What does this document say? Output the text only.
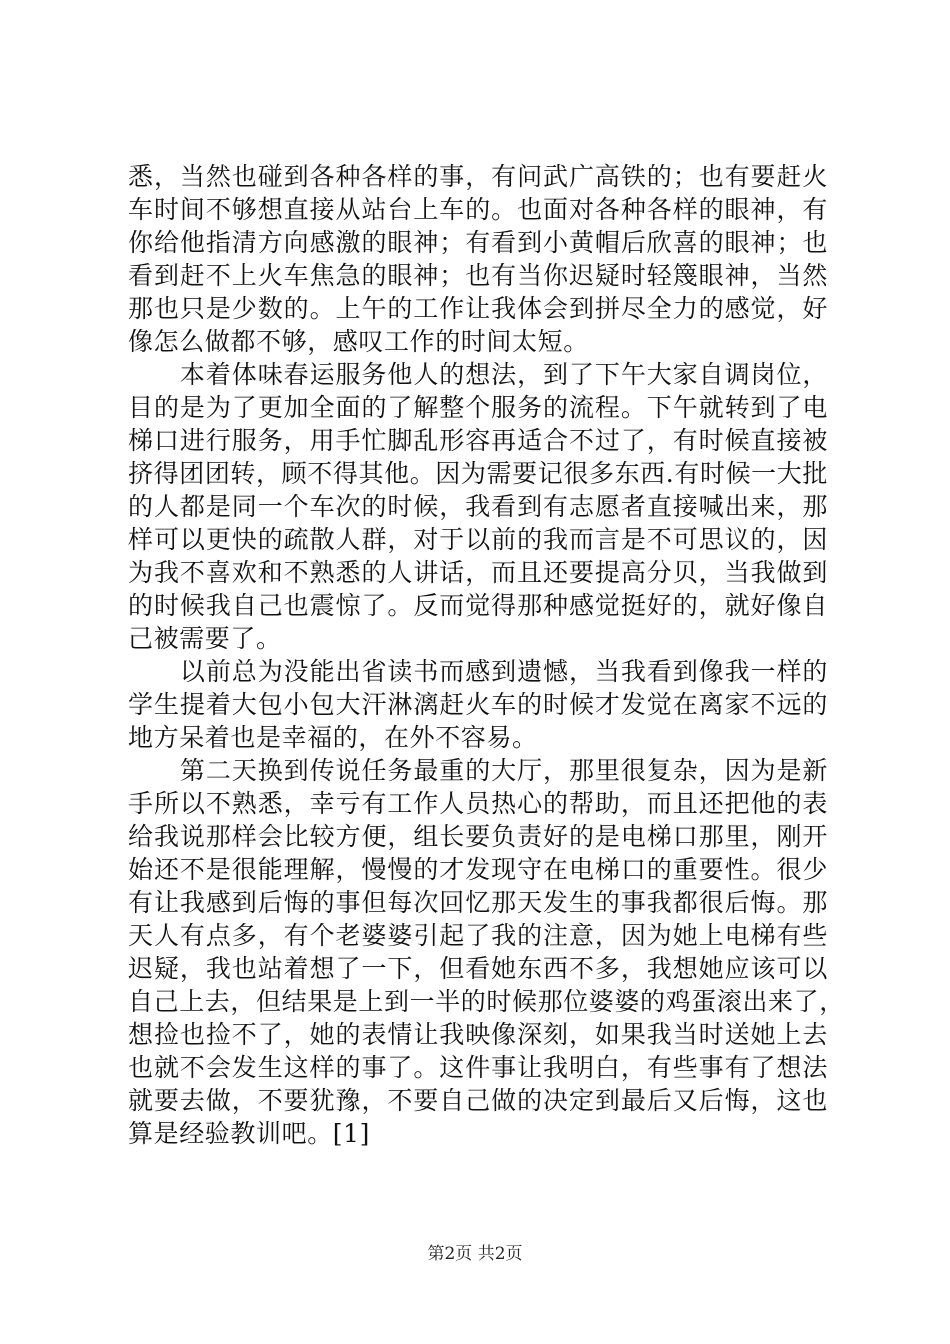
悉，当然也碰到各种各样的事，有问武广高铁的；也有要赶火
车时间不够想直接从站台上车的。也面对各种各样的眼神，有
你给他指清方向感激的眼神；有看到小黄帽后欣喜的眼神；也
看到赶不上火车焦急的眼神；也有当你迟疑时轻篾眼神，当然
那也只是少数的。上午的工作让我体会到拼尽全力的感觉，好
像怎么做都不够，感叹工作的时间太短。
　　本着体味春运服务他人的想法，到了下午大家自调岗位，
目的是为了更加全面的了解整个服务的流程。下午就转到了电
梯口进行服务，用手忙脚乱形容再适合不过了，有时候直接被
挤得团团转，顾不得其他。因为需要记很多东西.有时候一大批
的人都是同一个车次的时候，我看到有志愿者直接喊出来，那
样可以更快的疏散人群，对于以前的我而言是不可思议的，因
为我不喜欢和不熟悉的人讲话，而且还要提高分贝，当我做到
的时候我自己也震惊了。反而觉得那种感觉挺好的，就好像自
己被需要了。
　　以前总为没能出省读书而感到遗憾，当我看到像我一样的
学生提着大包小包大汗淋漓赶火车的时候才发觉在离家不远的
地方呆着也是幸福的，在外不容易。
　　第二天换到传说任务最重的大厅，那里很复杂，因为是新
手所以不熟悉，幸亏有工作人员热心的帮助，而且还把他的表
给我说那样会比较方便，组长要负责好的是电梯口那里，刚开
始还不是很能理解，慢慢的才发现守在电梯口的重要性。很少
有让我感到后悔的事但每次回忆那天发生的事我都很后悔。那
天人有点多，有个老婆婆引起了我的注意，因为她上电梯有些
迟疑，我也站着想了一下，但看她东西不多，我想她应该可以
自己上去，但结果是上到一半的时候那位婆婆的鸡蛋滚出来了，
想捡也捡不了，她的表情让我映像深刻，如果我当时送她上去
也就不会发生这样的事了。这件事让我明白，有些事有了想法
就要去做，不要犹豫，不要自己做的决定到最后又后悔，这也
算是经验教训吧。[1]
第2页 共2页
